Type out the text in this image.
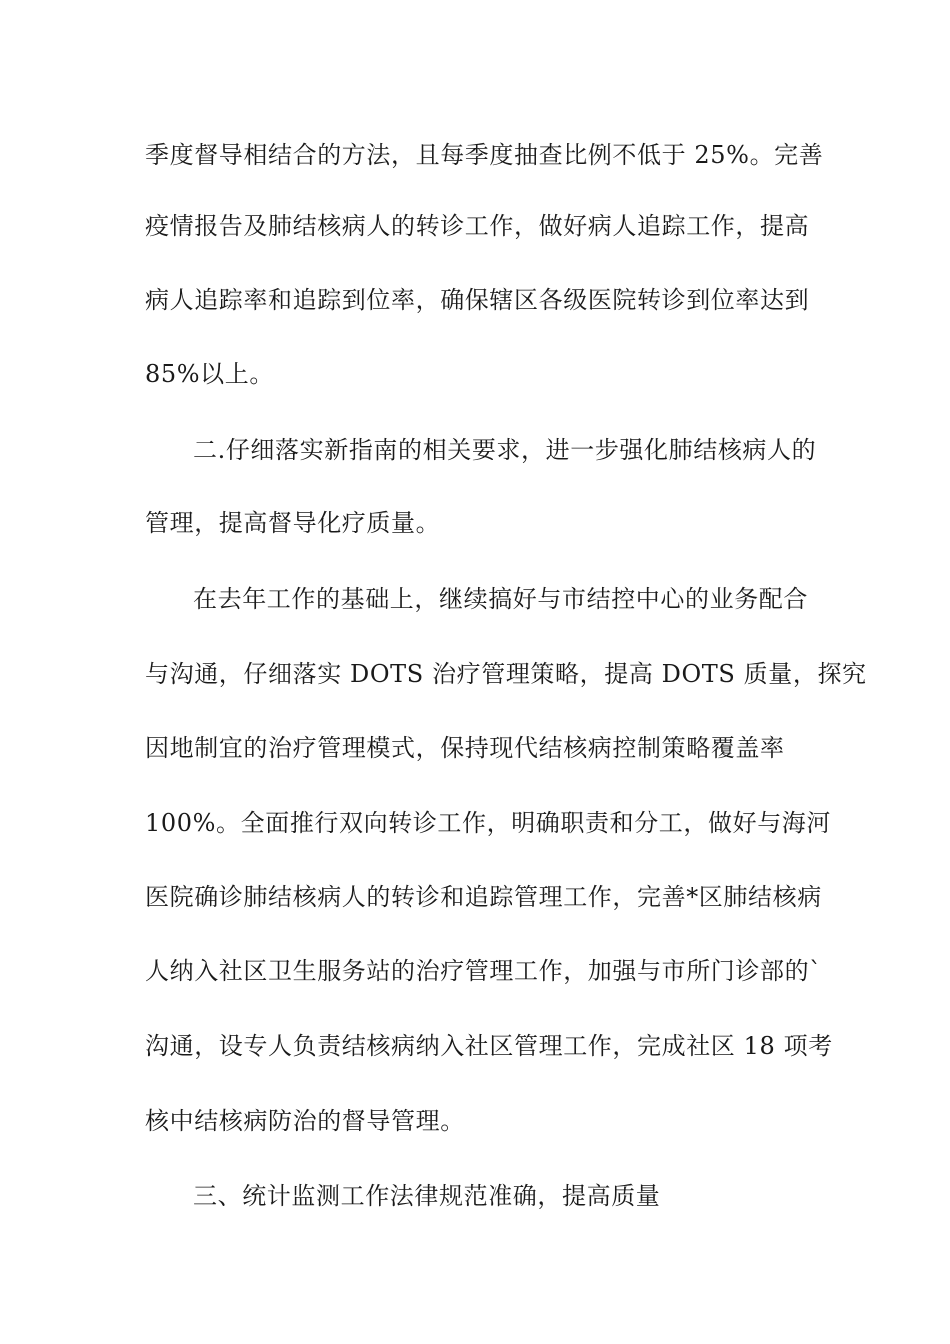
季度督导相结合的方法，且每季度抽查比例不低于 25%。完善
疫情报告及肺结核病人的转诊工作，做好病人追踪工作，提高
病人追踪率和追踪到位率，确保辖区各级医院转诊到位率达到
85%以上。
二.仔细落实新指南的相关要求，进一步强化肺结核病人的
管理，提高督导化疗质量。
在去年工作的基础上，继续搞好与市结控中心的业务配合
与沟通，仔细落实 DOTS 治疗管理策略，提高 DOTS 质量，探究
因地制宜的治疗管理模式，保持现代结核病控制策略覆盖率
100%。全面推行双向转诊工作，明确职责和分工，做好与海河
医院确诊肺结核病人的转诊和追踪管理工作，完善*区肺结核病
人纳入社区卫生服务站的治疗管理工作，加强与市所门诊部的`
沟通，设专人负责结核病纳入社区管理工作，完成社区 18 项考
核中结核病防治的督导管理。
三、统计监测工作法律规范准确，提高质量
